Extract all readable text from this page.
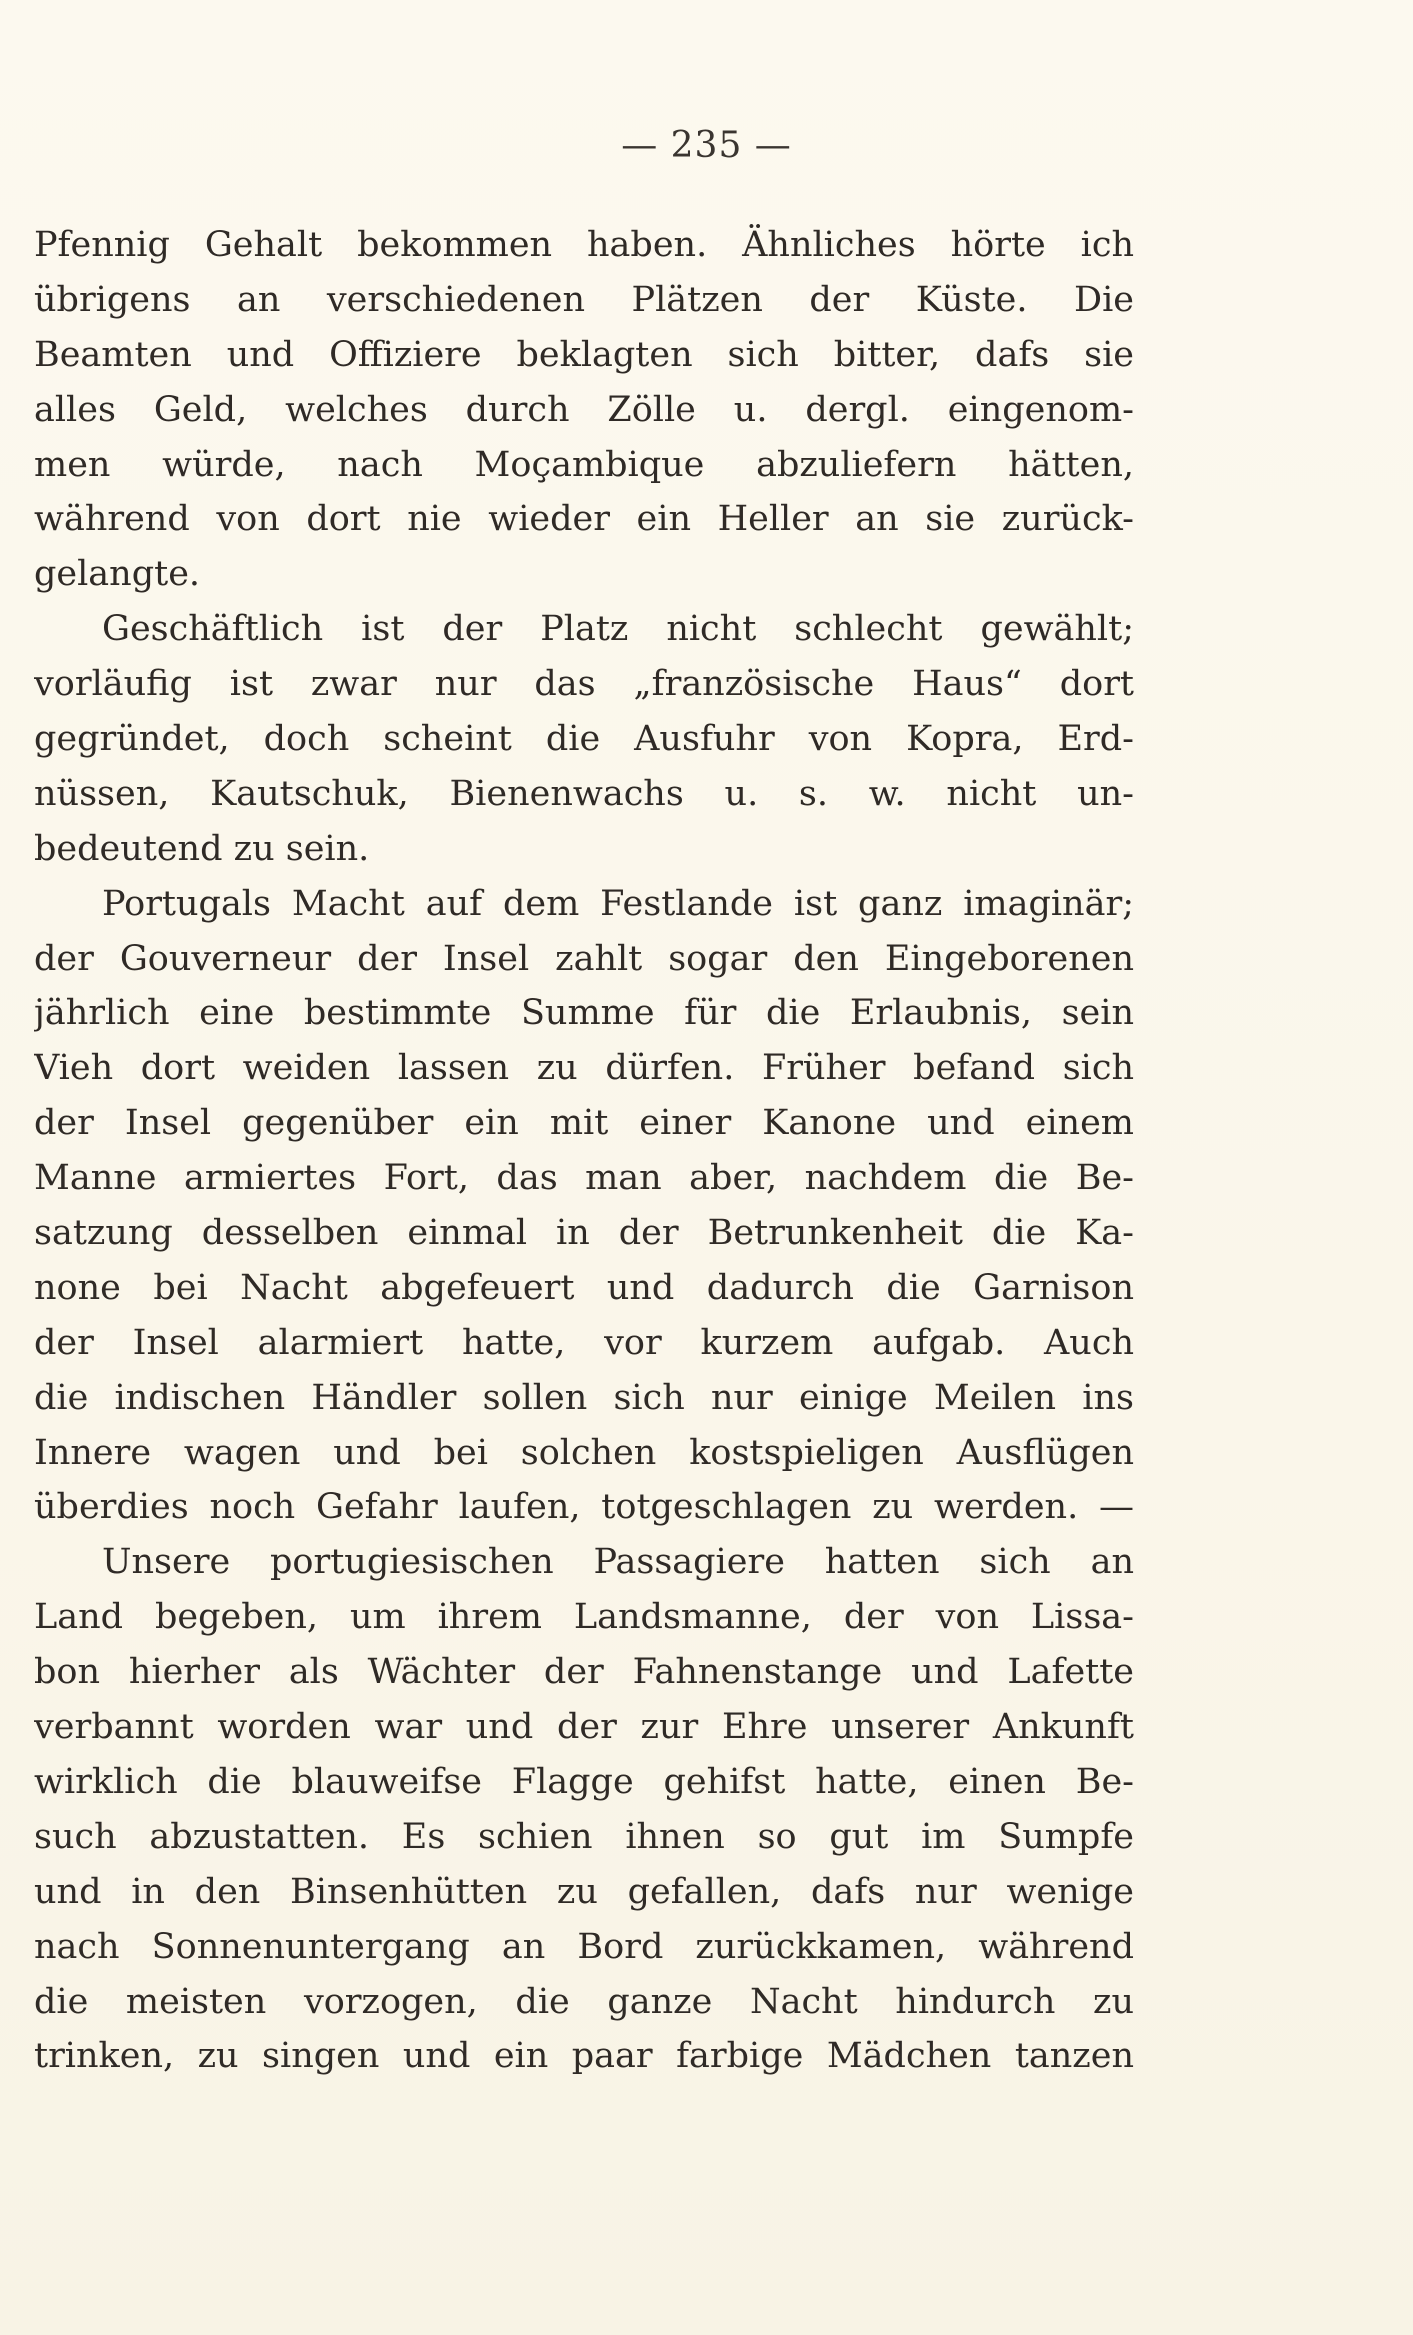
— 235 —
Pfennig Gehalt bekommen haben. Ähnliches hörte ich
übrigens an verschiedenen Plätzen der Küste. Die
Beamten und Offiziere beklagten sich bitter, dafs sie
alles Geld, welches durch Zölle u. dergl. eingenom-
men würde, nach Moçambique abzuliefern hätten,
während von dort nie wieder ein Heller an sie zurück-
gelangte.
Geschäftlich ist der Platz nicht schlecht gewählt;
vorläufig ist zwar nur das „französische Haus“ dort
gegründet, doch scheint die Ausfuhr von Kopra, Erd-
nüssen, Kautschuk, Bienenwachs u. s. w. nicht un-
bedeutend zu sein.
Portugals Macht auf dem Festlande ist ganz imaginär;
der Gouverneur der Insel zahlt sogar den Eingeborenen
jährlich eine bestimmte Summe für die Erlaubnis, sein
Vieh dort weiden lassen zu dürfen. Früher befand sich
der Insel gegenüber ein mit einer Kanone und einem
Manne armiertes Fort, das man aber, nachdem die Be-
satzung desselben einmal in der Betrunkenheit die Ka-
none bei Nacht abgefeuert und dadurch die Garnison
der Insel alarmiert hatte, vor kurzem aufgab. Auch
die indischen Händler sollen sich nur einige Meilen ins
Innere wagen und bei solchen kostspieligen Ausflügen
überdies noch Gefahr laufen, totgeschlagen zu werden. —
Unsere portugiesischen Passagiere hatten sich an
Land begeben, um ihrem Landsmanne, der von Lissa-
bon hierher als Wächter der Fahnenstange und Lafette
verbannt worden war und der zur Ehre unserer Ankunft
wirklich die blauweifse Flagge gehifst hatte, einen Be-
such abzustatten. Es schien ihnen so gut im Sumpfe
und in den Binsenhütten zu gefallen, dafs nur wenige
nach Sonnenuntergang an Bord zurückkamen, während
die meisten vorzogen, die ganze Nacht hindurch zu
trinken, zu singen und ein paar farbige Mädchen tanzen
